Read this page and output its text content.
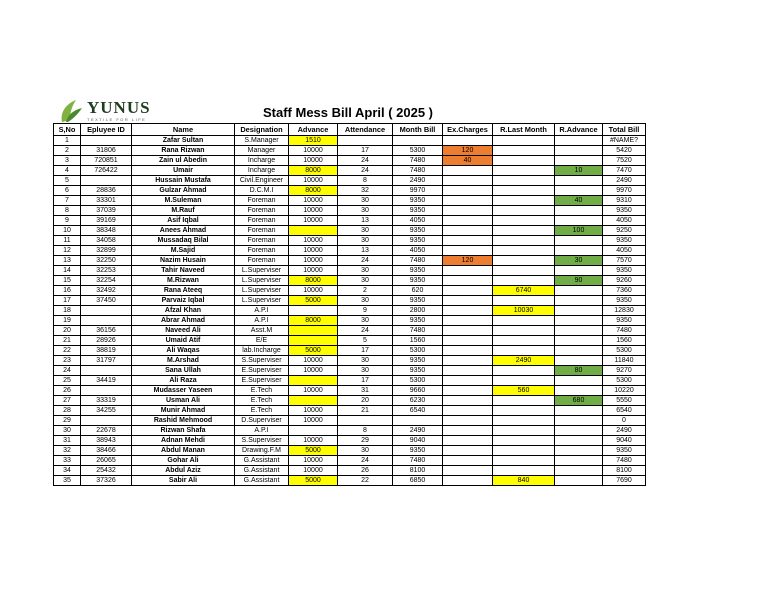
YUNUS
TEXTILE FOR LIFE	Staff Mess Bill April ( 2025 )
S,No	Epluyee ID	Name	Designation	Advance	Attendance	Month Bill	Ex.Charges	R.Last Month	R.Advance	Total Bill
1		Zafar Sultan	S.Manager	1510						#NAME?
2	31806	Rana Rizwan	Manager	10000	17	5300	120			5420
3	720851	Zain ul Abedin	Incharge	10000	24	7480	40			7520
4	726422	Umair	Incharge	8000	24	7480			10	7470
5		Hussain Mustafa	Civil.Engineer	10000	8	2490				2490
6	28836	Gulzar Ahmad	D.C.M.I	8000	32	9970				9970
7	33301	M.Suleman	Foreman	10000	30	9350			40	9310
8	37039	M.Rauf	Foreman	10000	30	9350				9350
9	39169	Asif Iqbal	Foreman	10000	13	4050				4050
10	38348	Anees Ahmad	Foreman		30	9350			100	9250
11	34058	Mussadaq Bilal	Foreman	10000	30	9350				9350
12	32899	M.Sajid	Foreman	10000	13	4050				4050
13	32250	Nazim Husain	Foreman	10000	24	7480	120		30	7570
14	32253	Tahir Naveed	L.Superviser	10000	30	9350				9350
15	32254	M.Rizwan	L.Superviser	8000	30	9350			90	9260
16	32492	Rana Ateeq	L.Superviser	10000	2	620		6740		7360
17	37450	Parvaiz Iqbal	L.Superviser	5000	30	9350				9350
18		Afzal Khan	A.P.I		9	2800		10030		12830
19		Abrar Ahmad	A.P.I	8000	30	9350				9350
20	36156	Naveed Ali	Asst.M		24	7480				7480
21	28926	Umaid Atif	E/E		5	1560				1560
22	38819	Ali Waqas	lab.Incharge	5000	17	5300				5300
23	31797	M.Arshad	S.Superviser	10000	30	9350		2490		11840
24		Sana Ullah	E.Superviser	10000	30	9350			80	9270
25	34419	Ali Raza	E.Superviser		17	5300				5300
26		Mudasser Yaseen	E.Tech	10000	31	9660		560		10220
27	33319	Usman Ali	E.Tech		20	6230			680	5550
28	34255	Munir Ahmad	E.Tech	10000	21	6540				6540
29		Rashid Mehmood	D.Superviser	10000						0
30	22678	Rizwan Shafa	A.P.I		8	2490				2490
31	38943	Adnan Mehdi	S.Superviser	10000	29	9040				9040
32	38466	Abdul Manan	Drawing.F.M	5000	30	9350				9350
33	26065	Gohar Ali	G.Assistant	10000	24	7480				7480
34	25432	Abdul Aziz	G.Assistant	10000	26	8100				8100
35	37326	Sabir Ali	G.Assistant	5000	22	6850		840		7690
